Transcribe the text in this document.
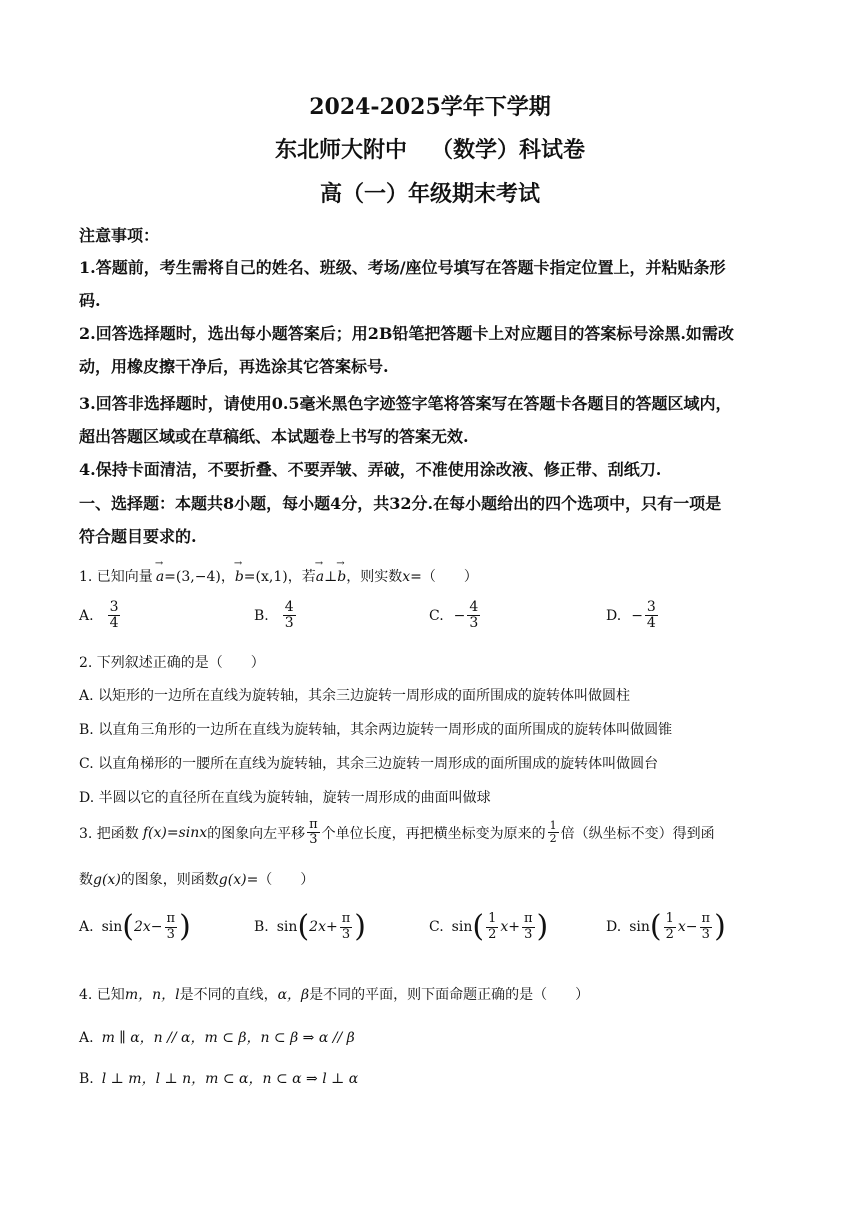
2024-2025学年下学期
东北师大附中 （数学）科试卷
高（一）年级期末考试
注意事项：
1.答题前，考生需将自己的姓名、班级、考场/座位号填写在答题卡指定位置上，并粘贴条形
码.
2.回答选择题时，选出每小题答案后；用2B铅笔把答题卡上对应题目的答案标号涂黑.如需改
动，用橡皮擦干净后，再选涂其它答案标号.
3.回答非选择题时，请使用0.5毫米黑色字迹签字笔将答案写在答题卡各题目的答题区域内，
超出答题区域或在草稿纸、本试题卷上书写的答案无效.
4.保持卡面清洁，不要折叠、不要弄皱、弄破，不准使用涂改液、修正带、刮纸刀.
一、选择题：本题共8小题，每小题4分，共32分.在每小题给出的四个选项中，只有一项是
符合题目要求的.
1. 已知向量→ a=(3,−4)，→ b=(x,1)，若→ a⊥→ b，则实数x=（　　）
A. $\frac{3}{4}$	B. $\frac{4}{3}$	C. − $\frac{4}{3}$	D. − $\frac{3}{4}$
2. 下列叙述正确的是（　　）
A. 以矩形的一边所在直线为旋转轴，其余三边旋转一周形成的面所围成的旋转体叫做圆柱
B. 以直角三角形的一边所在直线为旋转轴，其余两边旋转一周形成的面所围成的旋转体叫做圆锥
C. 以直角梯形的一腰所在直线为旋转轴，其余三边旋转一周形成的面所围成的旋转体叫做圆台
D. 半圆以它的直径所在直线为旋转轴，旋转一周形成的曲面叫做球
3. 把函数 f(x)=sinx 的图象向左平移 $\frac{\pi}{3}$ 个单位长度，再把横坐标变为原来的 $\frac{1}{2}$ 倍（纵坐标不变）得到函
数g(x)的图象，则函数g(x)=（　　）
A. sin ( $2x - \frac{\pi}{3}$ )	B. sin ( $2x + \frac{\pi}{3}$ )	C. sin ( $\frac{1}{2}$ $x + \frac{\pi}{3}$ )	D. sin ( $\frac{1}{2}$ $x - \frac{\pi}{3}$ )
4. 已知m，n，l是不同的直线，α，β是不同的平面，则下面命题正确的是（　　）
A. m ∥ α，n // α，m ⊂ β，n ⊂ β ⇒ α // β
B. l ⊥ m，l ⊥ n，m ⊂ α，n ⊂ α ⇒ l ⊥ α
